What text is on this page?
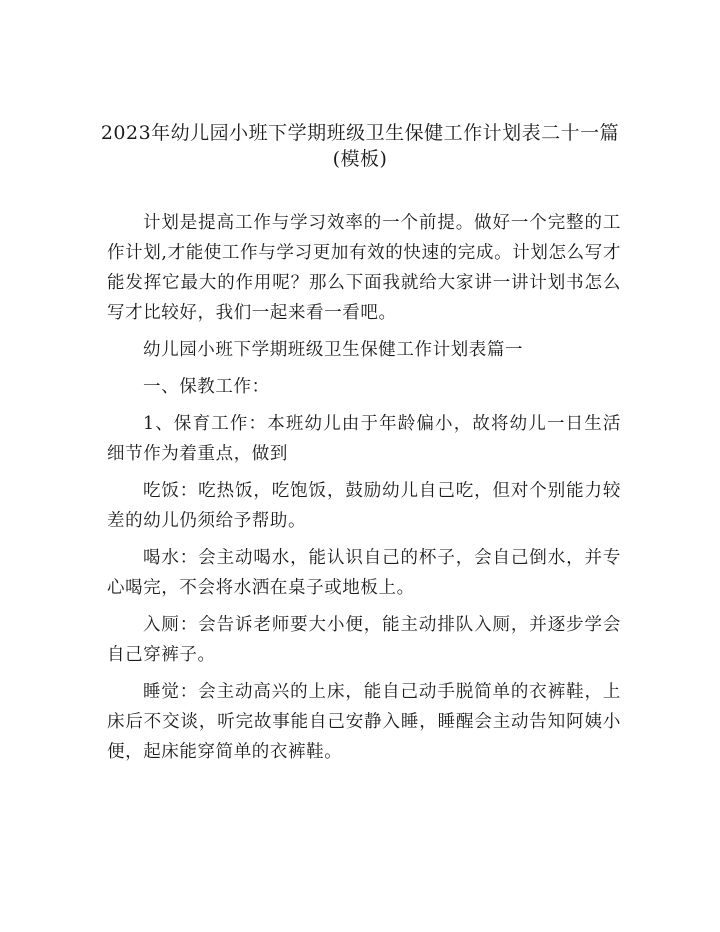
2023年幼儿园小班下学期班级卫生保健工作计划表二十一篇(模板)

计划是提高工作与学习效率的一个前提。做好一个完整的工作计划,才能使工作与学习更加有效的快速的完成。计划怎么写才能发挥它最大的作用呢？那么下面我就给大家讲一讲计划书怎么写才比较好，我们一起来看一看吧。

幼儿园小班下学期班级卫生保健工作计划表篇一

一、保教工作：

1、保育工作：本班幼儿由于年龄偏小，故将幼儿一日生活细节作为着重点，做到

吃饭：吃热饭，吃饱饭，鼓励幼儿自己吃，但对个别能力较差的幼儿仍须给予帮助。

喝水：会主动喝水，能认识自己的杯子，会自己倒水，并专心喝完，不会将水洒在桌子或地板上。

入厕：会告诉老师要大小便，能主动排队入厕，并逐步学会自己穿裤子。

睡觉：会主动高兴的上床，能自己动手脱简单的衣裤鞋，上床后不交谈，听完故事能自己安静入睡，睡醒会主动告知阿姨小便，起床能穿简单的衣裤鞋。
